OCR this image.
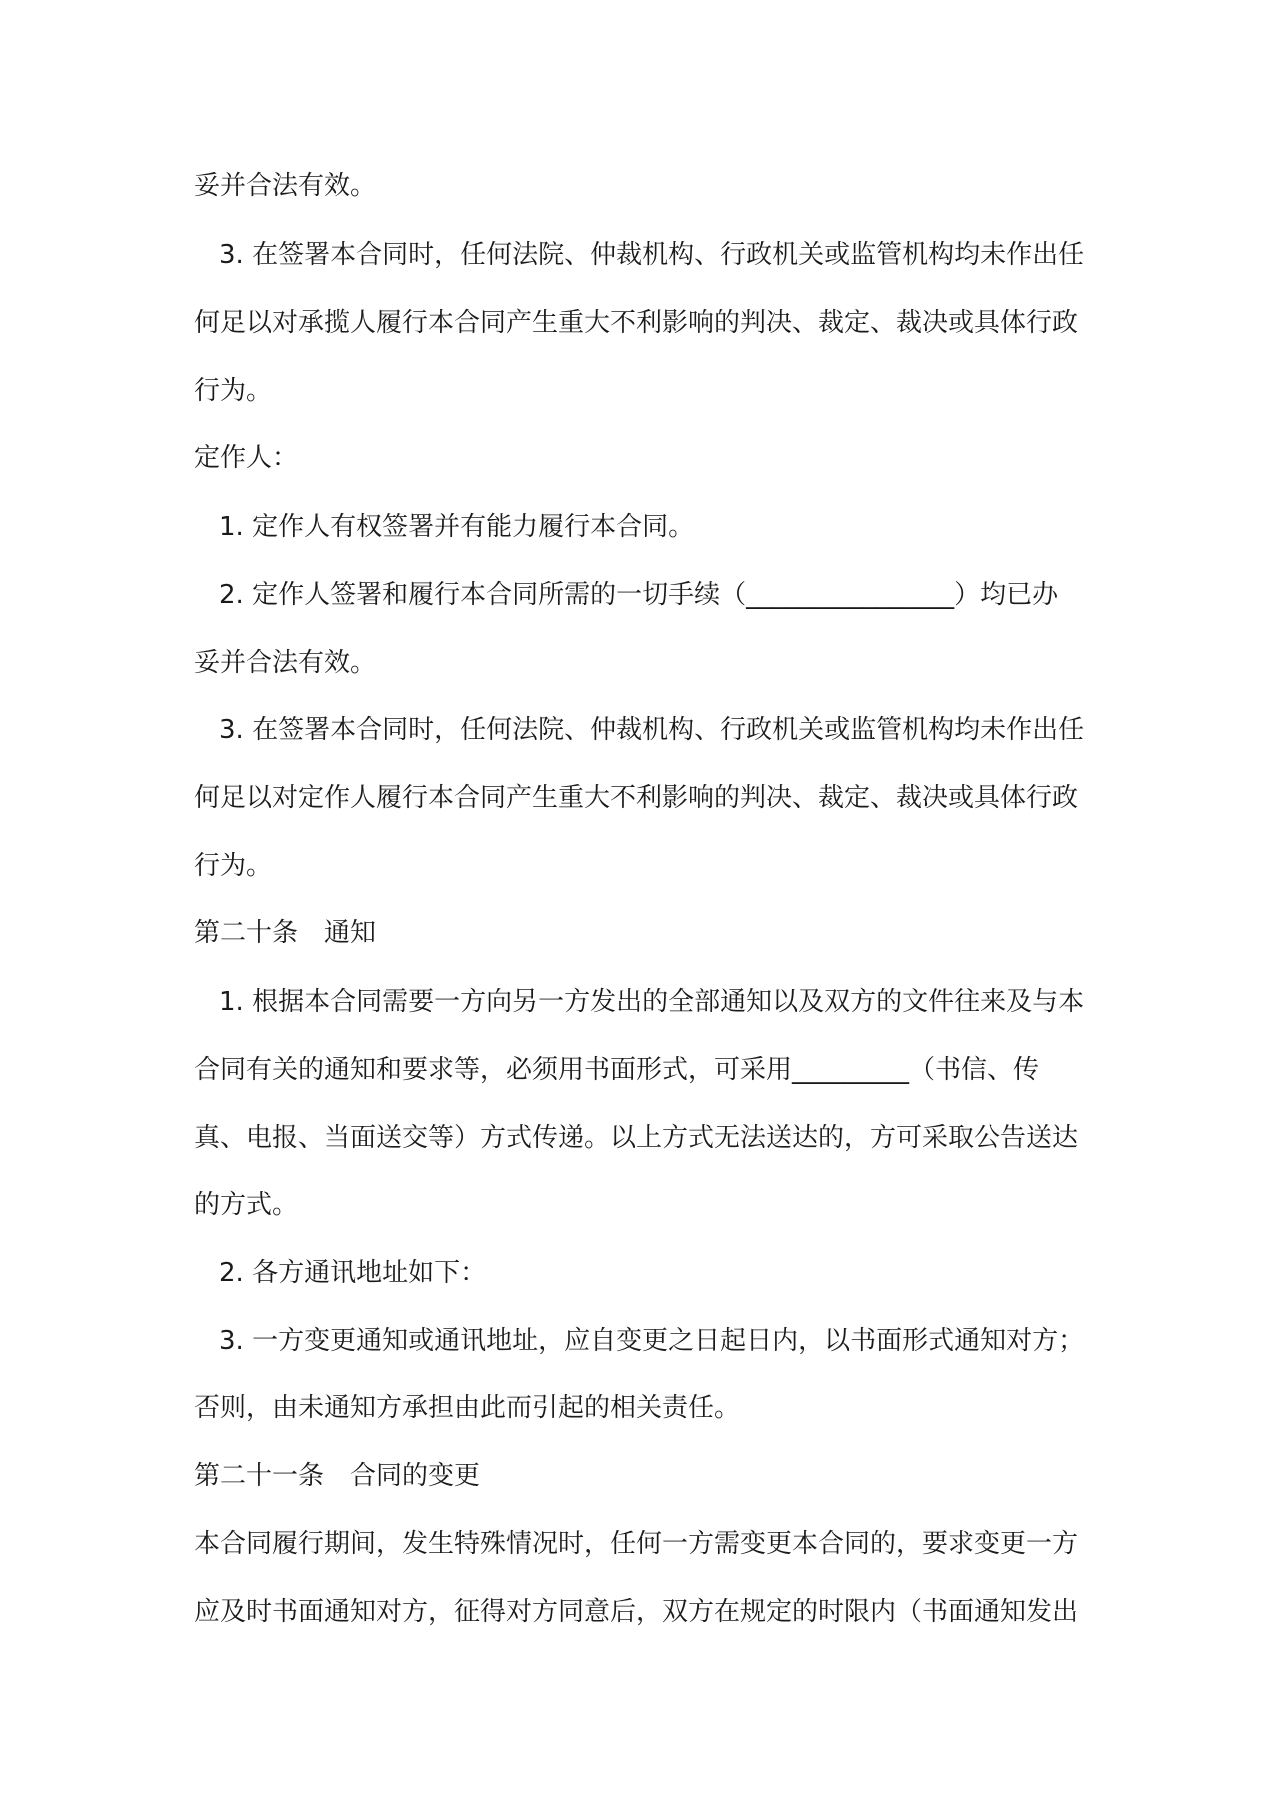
妥并合法有效。
3. 在签署本合同时，任何法院、仲裁机构、行政机关或监管机构均未作出任
何足以对承揽人履行本合同产生重大不利影响的判决、裁定、裁决或具体行政
行为。
定作人：
1. 定作人有权签署并有能力履行本合同。
2. 定作人签署和履行本合同所需的一切手续（________________）均已办
妥并合法有效。
3. 在签署本合同时，任何法院、仲裁机构、行政机关或监管机构均未作出任
何足以对定作人履行本合同产生重大不利影响的判决、裁定、裁决或具体行政
行为。
第二十条　通知
1. 根据本合同需要一方向另一方发出的全部通知以及双方的文件往来及与本
合同有关的通知和要求等，必须用书面形式，可采用_________（书信、传
真、电报、当面送交等）方式传递。以上方式无法送达的，方可采取公告送达
的方式。
2. 各方通讯地址如下：
3. 一方变更通知或通讯地址，应自变更之日起日内，以书面形式通知对方；
否则，由未通知方承担由此而引起的相关责任。
第二十一条　合同的变更
本合同履行期间，发生特殊情况时，任何一方需变更本合同的，要求变更一方
应及时书面通知对方，征得对方同意后，双方在规定的时限内（书面通知发出
